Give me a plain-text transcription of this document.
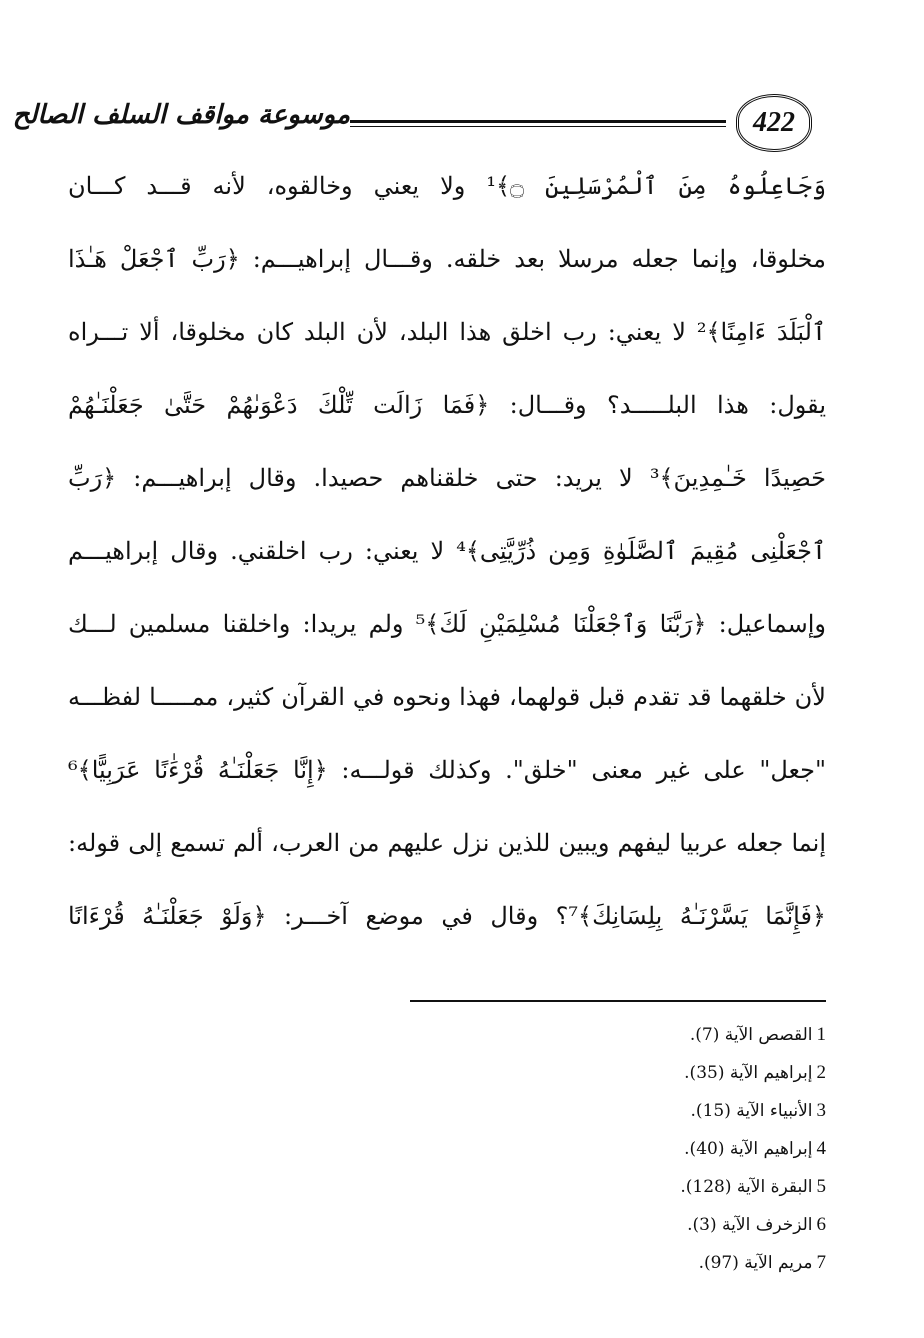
موسوعة مواقف السلف الصالح	422
وَجَاعِلُوهُ مِنَ ٱلْمُرْسَلِينَ ۝﴾¹ ولا يعني وخالقوه، لأنه قـــد كـــان
مخلوقا، وإنما جعله مرسلا بعد خلقه. وقـــال إبراهيـــم: ﴿رَبِّ ٱجْعَلْ هَـٰذَا
ٱلْبَلَدَ ءَامِنًا﴾² لا يعني: رب اخلق هذا البلد، لأن البلد كان مخلوقا، ألا تـــراه
يقول: هذا البلـــــد؟ وقـــال: ﴿فَمَا زَالَت تِّلْكَ دَعْوَىٰهُمْ حَتَّىٰ جَعَلْنَـٰهُمْ
حَصِيدًا خَـٰمِدِينَ﴾³ لا يريد: حتى خلقناهم حصيدا. وقال إبراهيـــم: ﴿رَبِّ
ٱجْعَلْنِى مُقِيمَ ٱلصَّلَوٰةِ وَمِن ذُرِّيَّتِى﴾⁴ لا يعني: رب اخلقني. وقال إبراهيـــم
وإسماعيل: ﴿رَبَّنَا وَٱجْعَلْنَا مُسْلِمَيْنِ لَكَ﴾⁵ ولم يريدا: واخلقنا مسلمين لـــك
لأن خلقهما قد تقدم قبل قولهما، فهذا ونحوه في القرآن كثير، ممـــــا لفظـــه
"جعل" على غير معنى "خلق". وكذلك قولـــه: ﴿إِنَّا جَعَلْنَـٰهُ قُرْءَٰنًا عَرَبِيًّا﴾⁶
إنما جعله عربيا ليفهم ويبين للذين نزل عليهم من العرب، ألم تسمع إلى قوله:
﴿فَإِنَّمَا يَسَّرْنَـٰهُ بِلِسَانِكَ﴾⁷؟ وقال في موضع آخـــر: ﴿وَلَوْ جَعَلْنَـٰهُ قُرْءَانًا
1القصص الآية (7).
2إبراهيم الآية (35).
3الأنبياء الآية (15).
4إبراهيم الآية (40).
5البقرة الآية (128).
6الزخرف الآية (3).
7مريم الآية (97).
